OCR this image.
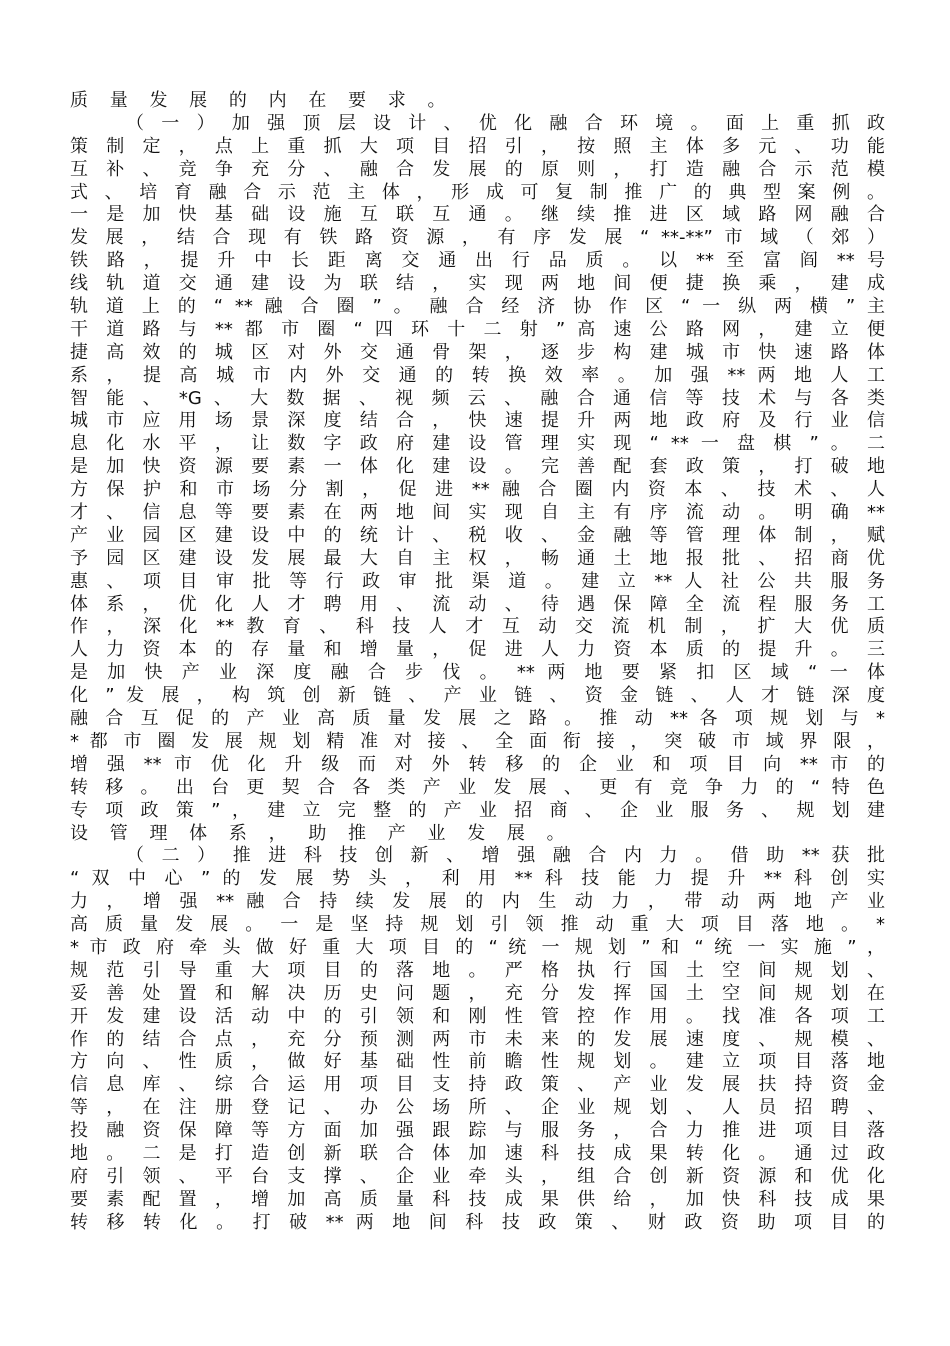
质 量 发 展 的 内 在 要 求 。
（ 一 ） 加 强 顶 层 设 计 、 优 化 融 合 环 境 。 面 上 重 抓 政
策 制 定 ， 点 上 重 抓 大 项 目 招 引 ， 按 照 主 体 多 元 、 功 能
互 补 、 竞 争 充 分 、 融 合 发 展 的 原 则 ， 打 造 融 合 示 范 模
式 、 培 育 融 合 示 范 主 体 ， 形 成 可 复 制 推 广 的 典 型 案 例 。
一 是 加 快 基 础 设 施 互 联 互 通 。 继 续 推 进 区 域 路 网 融 合
发 展 ， 结 合 现 有 铁 路 资 源 ， 有 序 发 展 “ **-**” 市 域 （ 郊 ）
铁 路 ， 提 升 中 长 距 离 交 通 出 行 品 质 。 以 ** 至 富 阎 ** 号
线 轨 道 交 通 建 设 为 联 结 ， 实 现 两 地 间 便 捷 换 乘 ， 建 成
轨 道 上 的 “ ** 融 合 圈 ” 。 融 合 经 济 协 作 区 “ 一 纵 两 横 ” 主
干 道 路 与 ** 都 市 圈 “ 四 环 十 二 射 ” 高 速 公 路 网 ， 建 立 便
捷 高 效 的 城 区 对 外 交 通 骨 架 ， 逐 步 构 建 城 市 快 速 路 体
系 ， 提 高 城 市 内 外 交 通 的 转 换 效 率 。 加 强 ** 两 地 人 工
智 能 、 *G 、 大 数 据 、 视 频 云 、 融 合 通 信 等 技 术 与 各 类
城 市 应 用 场 景 深 度 结 合 ， 快 速 提 升 两 地 政 府 及 行 业 信
息 化 水 平 ， 让 数 字 政 府 建 设 管 理 实 现 “ ** 一 盘 棋 ” 。 二
是 加 快 资 源 要 素 一 体 化 建 设 。 完 善 配 套 政 策 ， 打 破 地
方 保 护 和 市 场 分 割 ， 促 进 ** 融 合 圈 内 资 本 、 技 术 、 人
才 、 信 息 等 要 素 在 两 地 间 实 现 自 主 有 序 流 动 。 明 确 **
产 业 园 区 建 设 中 的 统 计 、 税 收 、 金 融 等 管 理 体 制 ， 赋
予 园 区 建 设 发 展 最 大 自 主 权 ， 畅 通 土 地 报 批 、 招 商 优
惠 、 项 目 审 批 等 行 政 审 批 渠 道 。 建 立 ** 人 社 公 共 服 务
体 系 ， 优 化 人 才 聘 用 、 流 动 、 待 遇 保 障 全 流 程 服 务 工
作 ， 深 化 ** 教 育 、 科 技 人 才 互 动 交 流 机 制 ， 扩 大 优 质
人 力 资 本 的 存 量 和 增 量 ， 促 进 人 力 资 本 质 的 提 升 。 三
是 加 快 产 业 深 度 融 合 步 伐 。 ** 两 地 要 紧 扣 区 域 “ 一 体
化 ” 发 展 ， 构 筑 创 新 链 、 产 业 链 、 资 金 链 、 人 才 链 深 度
融 合 互 促 的 产 业 高 质 量 发 展 之 路 。 推 动 ** 各 项 规 划 与 *
* 都 市 圈 发 展 规 划 精 准 对 接 、 全 面 衔 接 ， 突 破 市 域 界 限 ，
增 强 ** 市 优 化 升 级 而 对 外 转 移 的 企 业 和 项 目 向 ** 市 的
转 移 。 出 台 更 契 合 各 类 产 业 发 展 、 更 有 竞 争 力 的 “ 特 色
专 项 政 策 ” ， 建 立 完 整 的 产 业 招 商 、 企 业 服 务 、 规 划 建
设 管 理 体 系 ， 助 推 产 业 发 展 。
（ 二 ） 推 进 科 技 创 新 、 增 强 融 合 内 力 。 借 助 ** 获 批
“ 双 中 心 ” 的 发 展 势 头 ， 利 用 ** 科 技 能 力 提 升 ** 科 创 实
力 ， 增 强 ** 融 合 持 续 发 展 的 内 生 动 力 ， 带 动 两 地 产 业
高 质 量 发 展 。 一 是 坚 持 规 划 引 领 推 动 重 大 项 目 落 地 。 *
* 市 政 府 牵 头 做 好 重 大 项 目 的 “ 统 一 规 划 ” 和 “ 统 一 实 施 ” ，
规 范 引 导 重 大 项 目 的 落 地 。 严 格 执 行 国 土 空 间 规 划 、
妥 善 处 置 和 解 决 历 史 问 题 ， 充 分 发 挥 国 土 空 间 规 划 在
开 发 建 设 活 动 中 的 引 领 和 刚 性 管 控 作 用 。 找 准 各 项 工
作 的 结 合 点 ， 充 分 预 测 两 市 未 来 的 发 展 速 度 、 规 模 、
方 向 、 性 质 ， 做 好 基 础 性 前 瞻 性 规 划 。 建 立 项 目 落 地
信 息 库 、 综 合 运 用 项 目 支 持 政 策 、 产 业 发 展 扶 持 资 金
等 ， 在 注 册 登 记 、 办 公 场 所 、 企 业 规 划 、 人 员 招 聘 、
投 融 资 保 障 等 方 面 加 强 跟 踪 与 服 务 ， 合 力 推 进 项 目 落
地 。 二 是 打 造 创 新 联 合 体 加 速 科 技 成 果 转 化 。 通 过 政
府 引 领 、 平 台 支 撑 、 企 业 牵 头 ， 组 合 创 新 资 源 和 优 化
要 素 配 置 ， 增 加 高 质 量 科 技 成 果 供 给 ， 加 快 科 技 成 果
转 移 转 化 。 打 破 ** 两 地 间 科 技 政 策 、 财 政 资 助 项 目 的
